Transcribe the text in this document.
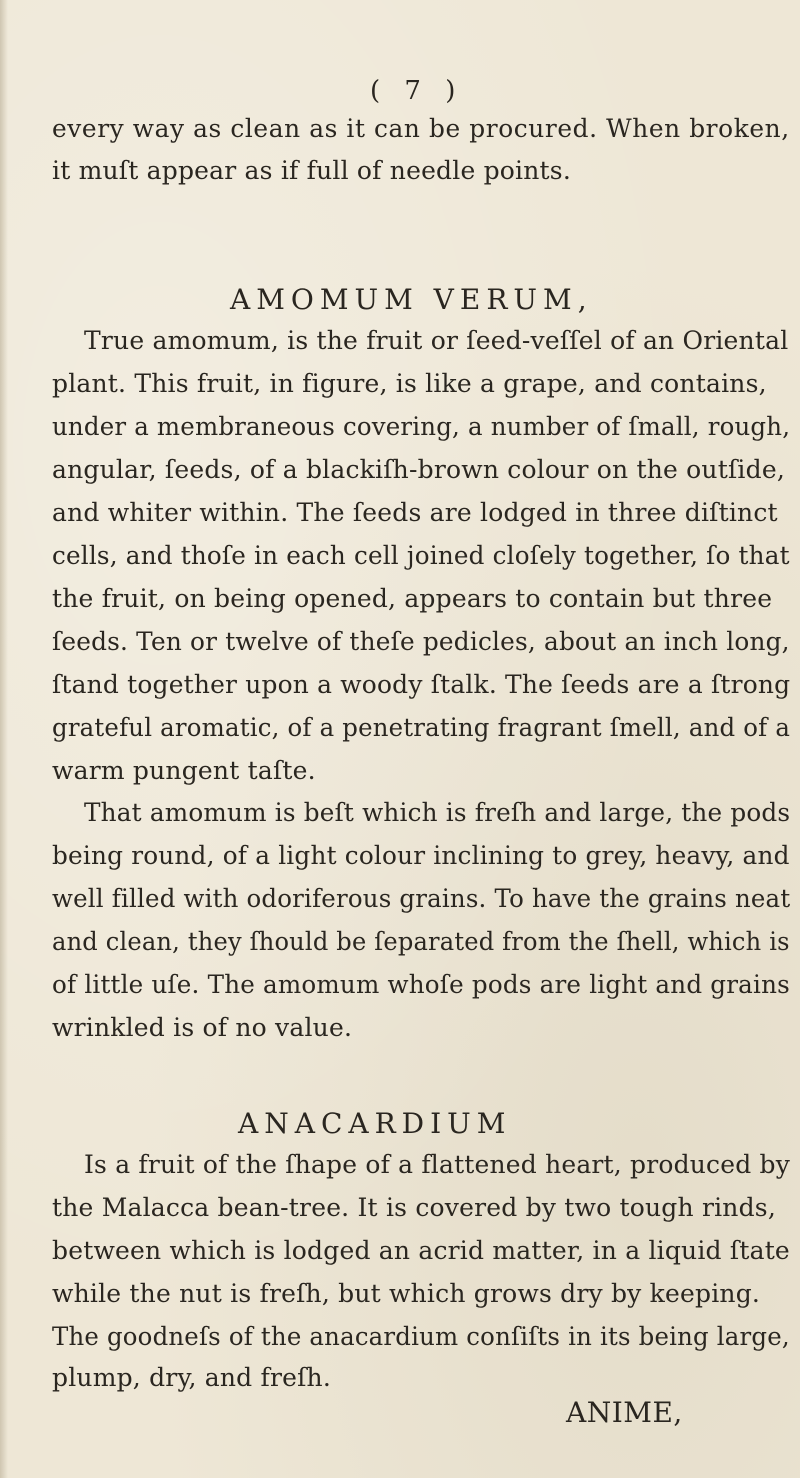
( 7 )
every way as clean as it can be procured. When broken,
it muſt appear as if full of needle points.
AMOMUM VERUM,
True amomum, is the fruit or ſeed-veſſel of an Oriental
plant. This fruit, in figure, is like a grape, and contains,
under a membraneous covering, a number of ſmall, rough,
angular, ſeeds, of a blackiſh-brown colour on the outſide,
and whiter within. The ſeeds are lodged in three diſtinct
cells, and thoſe in each cell joined cloſely together, ſo that
the fruit, on being opened, appears to contain but three
ſeeds. Ten or twelve of theſe pedicles, about an inch long,
ſtand together upon a woody ſtalk. The ſeeds are a ſtrong
grateful aromatic, of a penetrating fragrant ſmell, and of a
warm pungent taſte.
That amomum is beſt which is freſh and large, the pods
being round, of a light colour inclining to grey, heavy, and
well filled with odoriferous grains. To have the grains neat
and clean, they ſhould be ſeparated from the ſhell, which is
of little uſe. The amomum whoſe pods are light and grains
wrinkled is of no value.
ANACARDIUM
Is a fruit of the ſhape of a flattened heart, produced by
the Malacca bean-tree. It is covered by two tough rinds,
between which is lodged an acrid matter, in a liquid ſtate
while the nut is freſh, but which grows dry by keeping.
The goodneſs of the anacardium conſiſts in its being large,
plump, dry, and freſh.
ANIME,
